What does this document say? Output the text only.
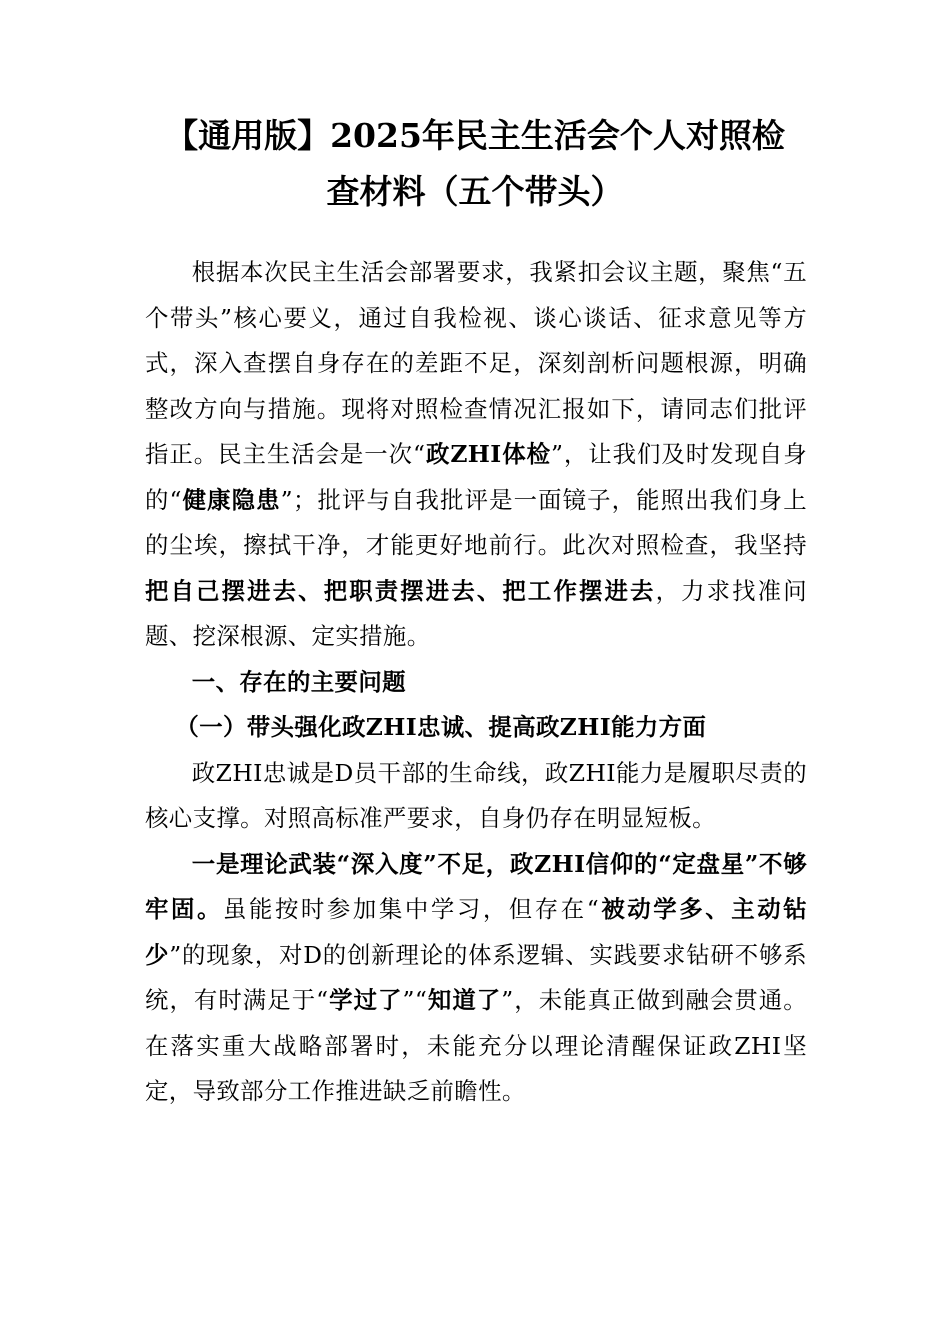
【通用版】2025年民主生活会个人对照检
查材料（五个带头）

根据本次民主生活会部署要求，我紧扣会议主题，聚焦“五个带头”核心要义，通过自我检视、谈心谈话、征求意见等方式，深入查摆自身存在的差距不足，深刻剖析问题根源，明确整改方向与措施。现将对照检查情况汇报如下，请同志们批评指正。民主生活会是一次“政ZHI体检”，让我们及时发现自身的“健康隐患”；批评与自我批评是一面镜子，能照出我们身上的尘埃，擦拭干净，才能更好地前行。此次对照检查，我坚持把自己摆进去、把职责摆进去、把工作摆进去，力求找准问题、挖深根源、定实措施。

一、存在的主要问题

（一）带头强化政ZHI忠诚、提高政ZHI能力方面

政ZHI忠诚是D员干部的生命线，政ZHI能力是履职尽责的核心支撑。对照高标准严要求，自身仍存在明显短板。

一是理论武装“深入度”不足，政ZHI信仰的“定盘星”不够牢固。虽能按时参加集中学习，但存在“被动学多、主动钻少”的现象，对D的创新理论的体系逻辑、实践要求钻研不够系统，有时满足于“学过了”“知道了”，未能真正做到融会贯通。在落实重大战略部署时，未能充分以理论清醒保证政ZHI坚定，导致部分工作推进缺乏前瞻性。
